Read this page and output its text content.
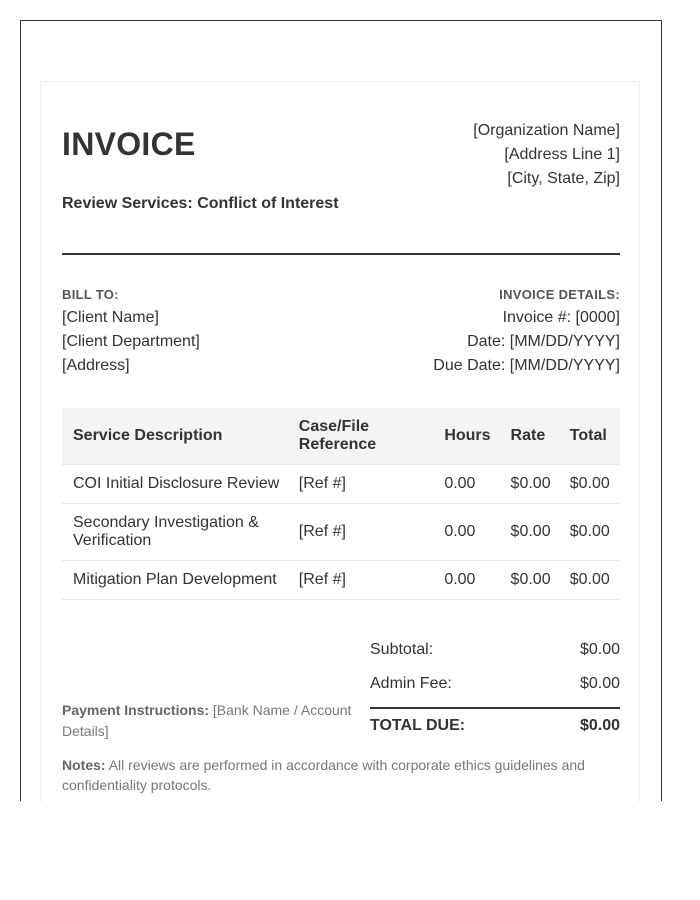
INVOICE
Review Services: Conflict of Interest
[Organization Name]
[Address Line 1]
[City, State, Zip]
BILL TO:
[Client Name]
[Client Department]
[Address]
INVOICE DETAILS:
Invoice #: [0000]
Date: [MM/DD/YYYY]
Due Date: [MM/DD/YYYY]
Service Description	Case/File Reference	Hours	Rate	Total
COI Initial Disclosure Review	[Ref #]	0.00	$0.00	$0.00
Secondary Investigation & Verification	[Ref #]	0.00	$0.00	$0.00
Mitigation Plan Development	[Ref #]	0.00	$0.00	$0.00
Subtotal:	$0.00
Admin Fee:	$0.00
TOTAL DUE:	$0.00
Payment Instructions: [Bank Name / Account Details]
Notes: All reviews are performed in accordance with corporate ethics guidelines and confidentiality protocols.
